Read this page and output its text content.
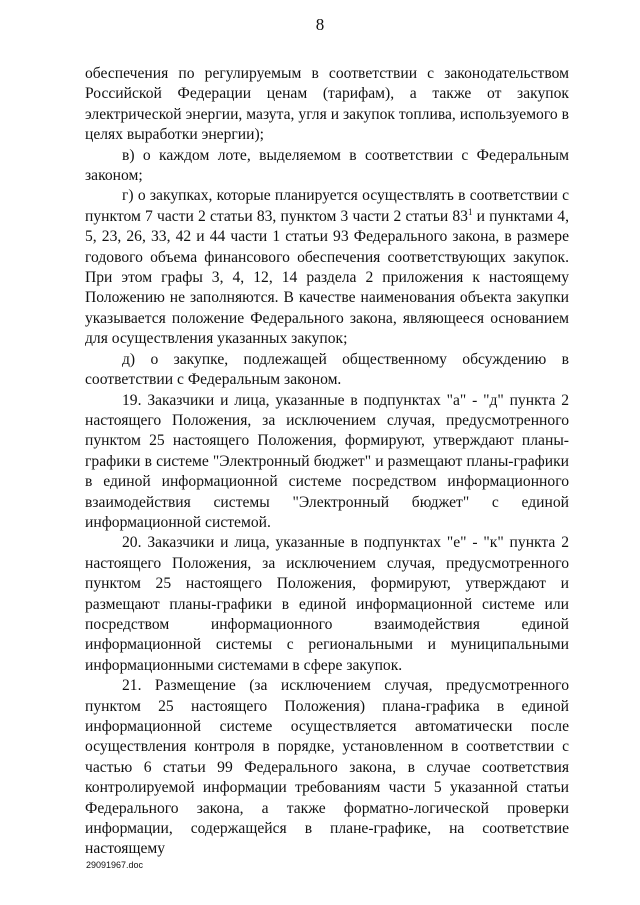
8

обеспечения по регулируемым в соответствии с законодательством Российской Федерации ценам (тарифам), а также от закупок электрической энергии, мазута, угля и закупок топлива, используемого в целях выработки энергии);

в) о каждом лоте, выделяемом в соответствии с Федеральным законом;

г) о закупках, которые планируется осуществлять в соответствии с пунктом 7 части 2 статьи 83, пунктом 3 части 2 статьи $83^1$ и пунктами 4, 5, 23, 26, 33, 42 и 44 части 1 статьи 93 Федерального закона, в размере годового объема финансового обеспечения соответствующих закупок. При этом графы 3, 4, 12, 14 раздела 2 приложения к настоящему Положению не заполняются. В качестве наименования объекта закупки указывается положение Федерального закона, являющееся основанием для осуществления указанных закупок;

д) о закупке, подлежащей общественному обсуждению в соответствии с Федеральным законом.

19. Заказчики и лица, указанные в подпунктах "а" - "д" пункта 2 настоящего Положения, за исключением случая, предусмотренного пунктом 25 настоящего Положения, формируют, утверждают планы-графики в системе "Электронный бюджет" и размещают планы-графики в единой информационной системе посредством информационного взаимодействия системы "Электронный бюджет" с единой информационной системой.

20. Заказчики и лица, указанные в подпунктах "е" - "к" пункта 2 настоящего Положения, за исключением случая, предусмотренного пунктом 25 настоящего Положения, формируют, утверждают и размещают планы-графики в единой информационной системе или посредством информационного взаимодействия единой информационной системы с региональными и муниципальными информационными системами в сфере закупок.

21. Размещение (за исключением случая, предусмотренного пунктом 25 настоящего Положения) плана-графика в единой информационной системе осуществляется автоматически после осуществления контроля в порядке, установленном в соответствии с частью 6 статьи 99 Федерального закона, в случае соответствия контролируемой информации требованиям части 5 указанной статьи Федерального закона, а также форматно-логической проверки информации, содержащейся в плане-графике, на соответствие настоящему

29091967.doc
